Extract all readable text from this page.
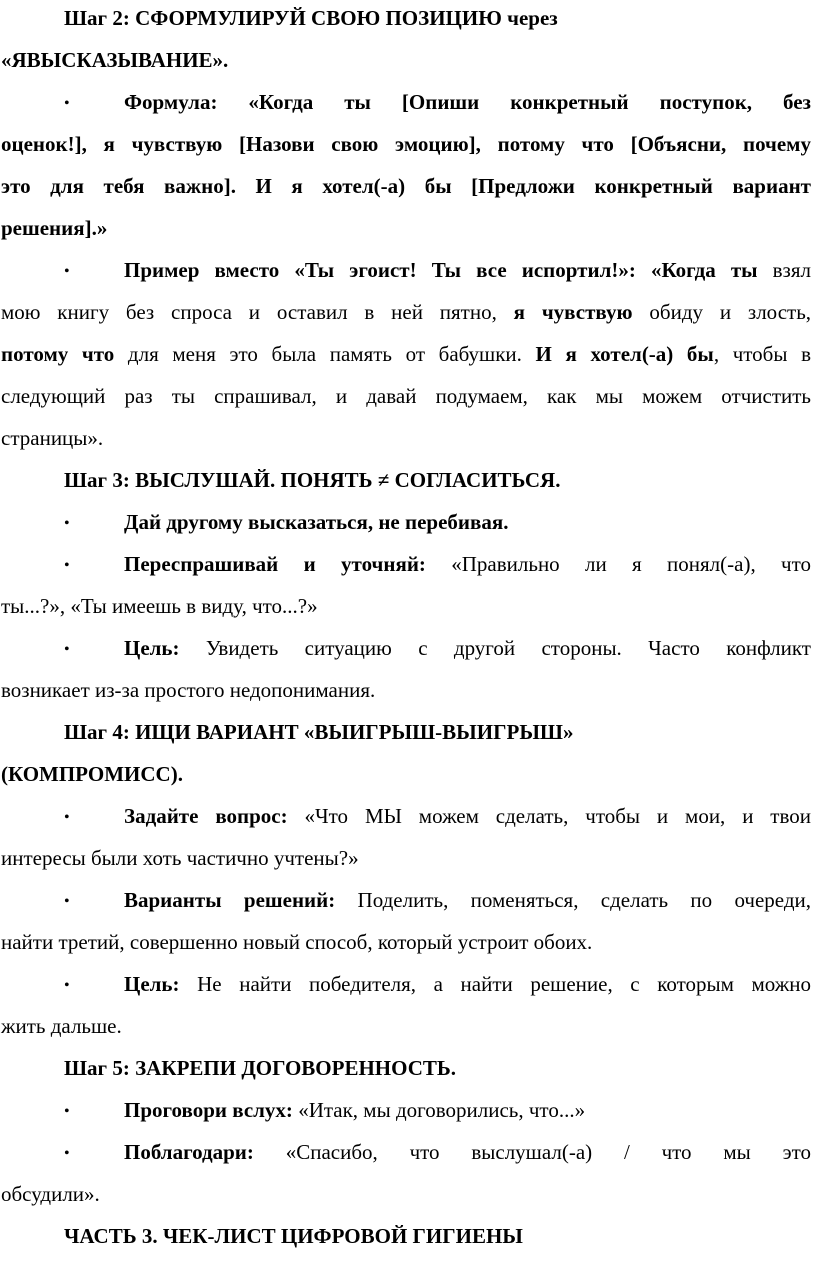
Шаг 2: СФОРМУЛИРУЙ СВОЮ ПОЗИЦИЮ через
«ЯВЫСКАЗЫВАНИЕ».
•	Формула: «Когда ты [Опиши конкретный поступок, без
оценок!], я чувствую [Назови свою эмоцию], потому что [Объясни, почему
это для тебя важно]. И я хотел(-а) бы [Предложи конкретный вариант
решения].»
•	Пример вместо «Ты эгоист! Ты все испортил!»: «Когда ты взял
мою книгу без спроса и оставил в ней пятно, я чувствую обиду и злость,
потому что для меня это была память от бабушки. И я хотел(-а) бы, чтобы в
следующий раз ты спрашивал, и давай подумаем, как мы можем отчистить
страницы».
Шаг 3: ВЫСЛУШАЙ. ПОНЯТЬ ≠ СОГЛАСИТЬСЯ.
•	Дай другому высказаться, не перебивая.
•	Переспрашивай и уточняй: «Правильно ли я понял(-а), что
ты...?», «Ты имеешь в виду, что...?»
•	Цель: Увидеть ситуацию с другой стороны. Часто конфликт
возникает из-за простого недопонимания.
Шаг 4: ИЩИ ВАРИАНТ «ВЫИГРЫШ-ВЫИГРЫШ»
(КОМПРОМИСС).
•	Задайте вопрос: «Что МЫ можем сделать, чтобы и мои, и твои
интересы были хоть частично учтены?»
•	Варианты решений: Поделить, поменяться, сделать по очереди,
найти третий, совершенно новый способ, который устроит обоих.
•	Цель: Не найти победителя, а найти решение, с которым можно
жить дальше.
Шаг 5: ЗАКРЕПИ ДОГОВОРЕННОСТЬ.
•	Проговори вслух: «Итак, мы договорились, что...»
•	Поблагодари: «Спасибо, что выслушал(-а) / что мы это
обсудили».
ЧАСТЬ 3. ЧЕК-ЛИСТ ЦИФРОВОЙ ГИГИЕНЫ
